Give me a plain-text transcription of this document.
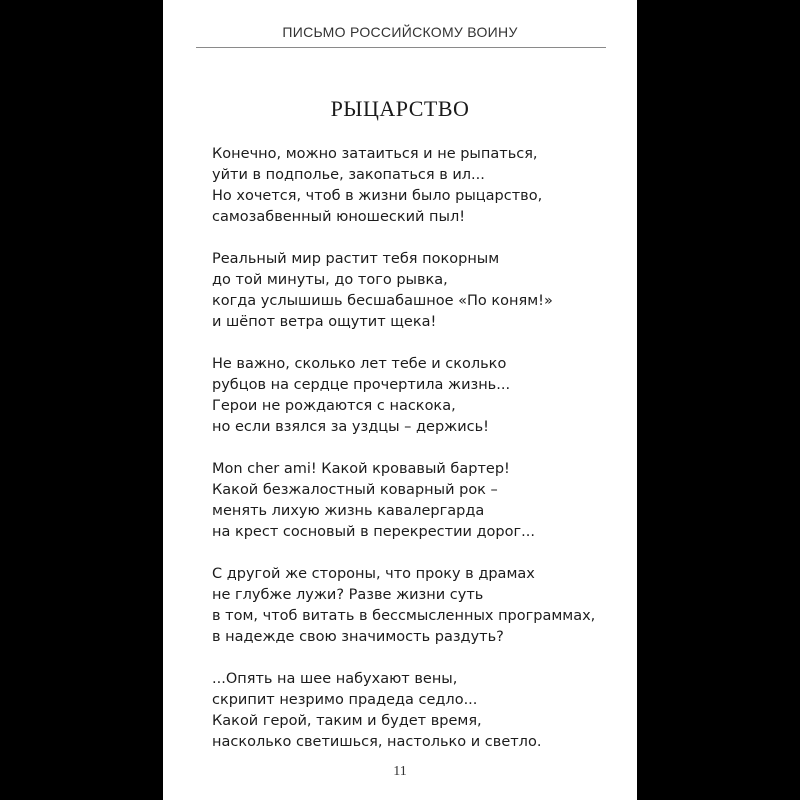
ПИСЬМО РОССИЙСКОМУ ВОИНУ
РЫЦАРСТВО
Конечно, можно затаиться и не рыпаться,
уйти в подполье, закопаться в ил...
Но хочется, чтоб в жизни было рыцарство,
самозабвенный юношеский пыл!
Реальный мир растит тебя покорным
до той минуты, до того рывка,
когда услышишь бесшабашное «По коням!»
и шёпот ветра ощутит щека!
Не важно, сколько лет тебе и сколько
рубцов на сердце прочертила жизнь...
Герои не рождаются с наскока,
но если взялся за уздцы – держись!
Mon cher ami! Какой кровавый бартер!
Какой безжалостный коварный рок –
менять лихую жизнь кавалергарда
на крест сосновый в перекрестии дорог...
С другой же стороны, что проку в драмах
не глубже лужи? Разве жизни суть
в том, чтоб витать в бессмысленных программах,
в надежде свою значимость раздуть?
...Опять на шее набухают вены,
скрипит незримо прадеда седло...
Какой герой, таким и будет время,
насколько светишься, настолько и светло.
11
